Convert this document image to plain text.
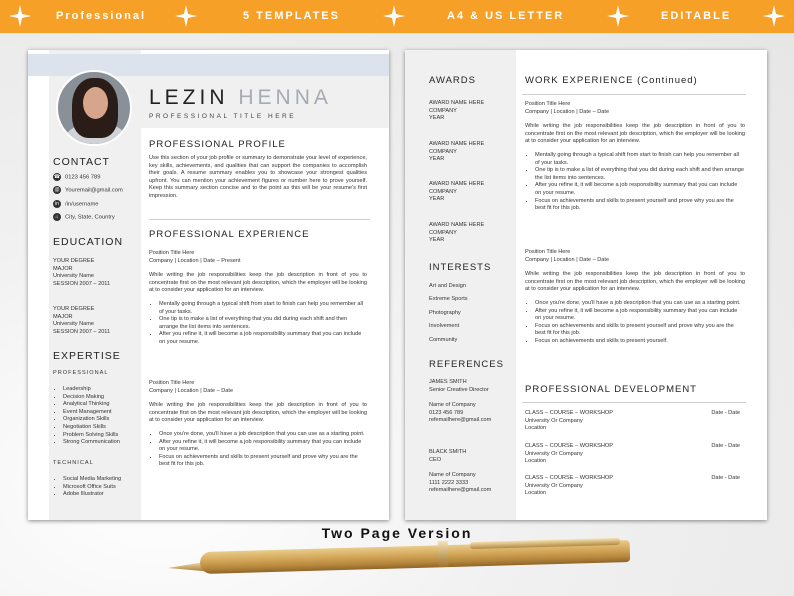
Professional	5 TEMPLATES	A4 & US LETTER	EDITABLE
LEZIN HENNA
PROFESSIONAL TITLE HERE
CONTACT
☎ 0123 456 789
@ Youremail@gmail.com
in /in/username
⌂ City, State, Country
EDUCATION
YOUR DEGREE
MAJOR
University Name
SESSION 2007 – 2011
YOUR DEGREE
MAJOR
University Name
SESSION 2007 – 2011
EXPERTISE
PROFESSIONAL
• Leadership
• Decision Making
• Analytical Thinking
• Event Management
• Organization Skills
• Negotiation Skills
• Problem Solving Skills
• Strong Communication
TECHNICAL
• Social Media Marketing
• Microsoft Office Suits
• Adobe Illustrator
PROFESSIONAL PROFILE
Use this section of your job profile or summary to demonstrate your level of experience, key skills, achievements, and qualities that can support the companies to accomplish their goals. A resume summary enables you to showcase your strongest qualities upfront. You can mention your achievement figures or number here to prove yourself. Keep this summary section concise and to the point as this will be your resume's first impression.
PROFESSIONAL EXPERIENCE
Position Title Here
Company | Location | Date – Present
While writing the job responsibilities keep the job description in front of you to concentrate first on the most relevant job description, which the employer will be looking at to consider your application for an interview.
• Mentally going through a typical shift from start to finish can help you remember all of your tasks.
• One tip is to make a list of everything that you did during each shift and then arrange the list items into sentences.
• After you refine it, it will become a job responsibility summary that you can include on your resume.
Position Title Here
Company | Location | Date – Date
While writing the job responsibilities keep the job description in front of you to concentrate first on the most relevant job description, which the employer will be looking at to consider your application for an interview.
• Once you're done, you'll have a job description that you can use as a starting point.
• After you refine it, it will become a job responsibility summary that you can include on your resume.
• Focus on achievements and skills to present yourself and prove why you are the best fit for this job.
AWARDS
AWARD NAME HERE
COMPANY
YEAR
AWARD NAME HERE
COMPANY
YEAR
AWARD NAME HERE
COMPANY
YEAR
AWARD NAME HERE
COMPANY
YEAR
INTERESTS
Art and Design
Extreme Sports
Photography
Involvement
Community
REFERENCES
JAMES SMITH
Senior Creative Director
Name of Company
0123 456 789
refemailhere@gmail.com
BLACK SMITH
CEO
Name of Company
1111 2222 3333
refemailhere@gmail.com
WORK EXPERIENCE (Continued)
Position Title Here
Company | Location | Date – Date
While writing the job responsibilities keep the job description in front of you to concentrate first on the most relevant job description, which the employer will be looking at to consider your application for an interview.
• Mentally going through a typical shift from start to finish can help you remember all of your tasks.
• One tip is to make a list of everything that you did during each shift and then arrange the list items into sentences.
• After you refine it, it will become a job responsibility summary that you can include on your resume.
• Focus on achievements and skills to present yourself and prove why you are the best fit for this job.
Position Title Here
Company | Location | Date – Date
While writing the job responsibilities keep the job description in front of you to concentrate first on the most relevant job description, which the employer will be looking at to consider your application for an interview.
• Once you're done, you'll have a job description that you can use as a starting point.
• After you refine it, it will become a job responsibility summary that you can include on your resume.
• Focus on achievements and skills to present yourself and prove why you are the best fit for this job.
• Focus on achievements and skills to present yourself.
PROFESSIONAL DEVELOPMENT
CLASS – COURSE – WORKSHOP
University Or Company
Location
Date - Date
CLASS – COURSE – WORKSHOP
University Or Company
Location
Date - Date
CLASS – COURSE – WORKSHOP
University Or Company
Location
Date - Date
Two Page Version
